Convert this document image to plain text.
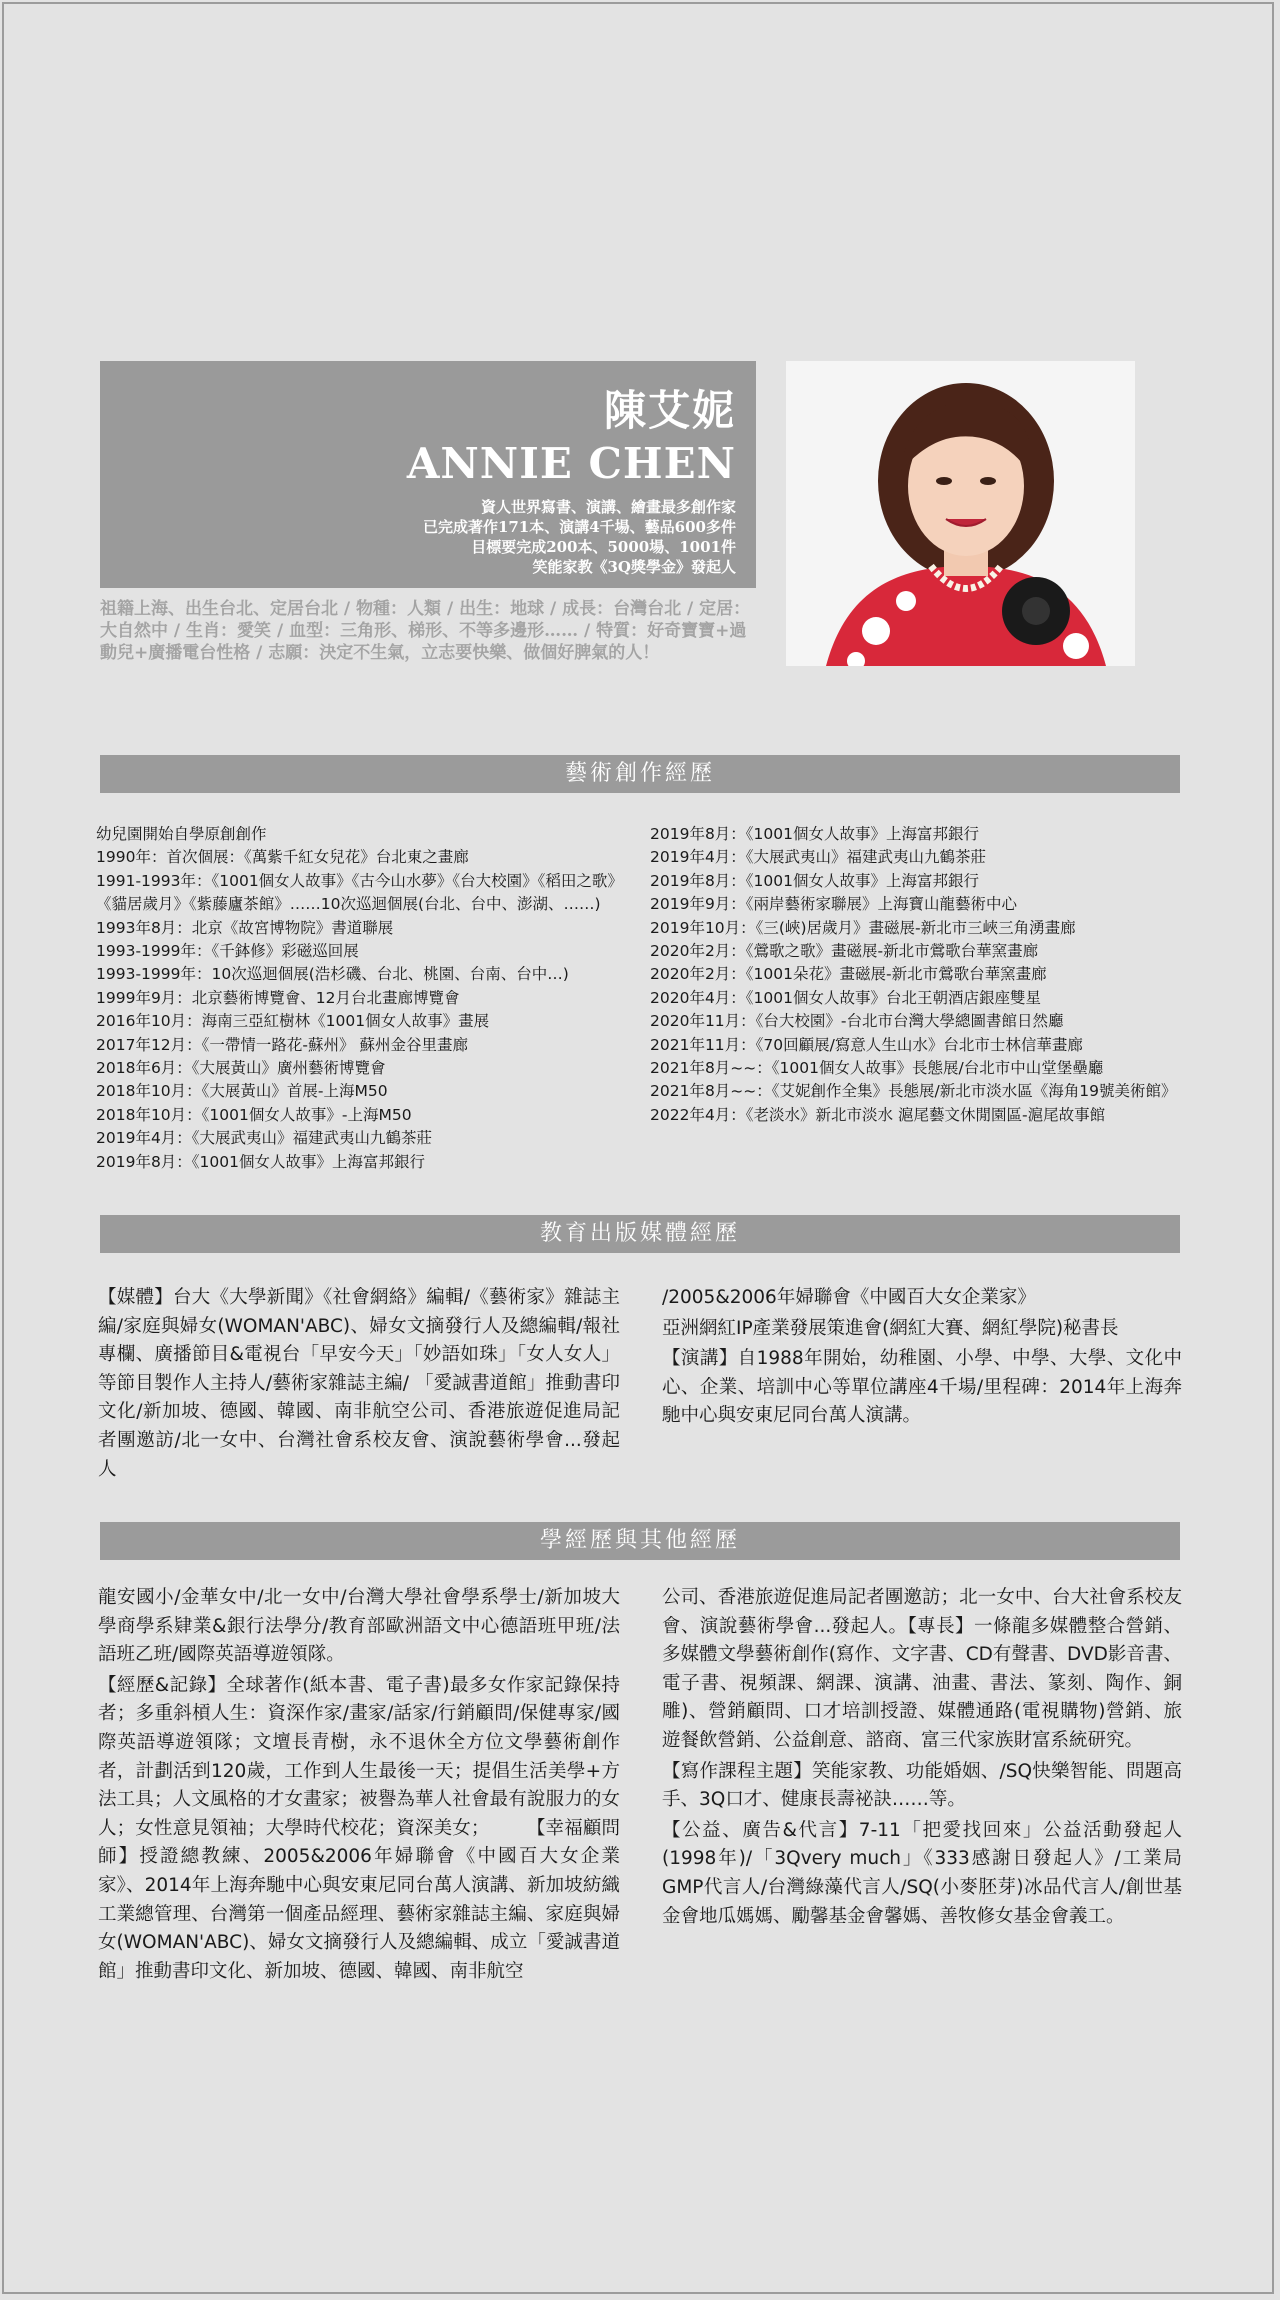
陳艾妮
ANNIE CHEN
資人世界寫書、演講、繪畫最多創作家
已完成著作171本、演講4千場、藝品600多件
目標要完成200本、5000場、1001件
笑能家教《3Q獎學金》發起人
祖籍上海、出生台北、定居台北 / 物種：人類 / 出生：地球 / 成長：台灣台北 / 定居：大自然中 / 生肖：愛笑 / 血型：三角形、梯形、不等多邊形…… / 特質：好奇寶寶+過動兒+廣播電台性格 / 志願：決定不生氣，立志要快樂、做個好脾氣的人！
藝術創作經歷
幼兒園開始自學原創創作
1990年：首次個展：《萬紫千紅女兒花》台北東之畫廊
1991-1993年：《1001個女人故事》《古今山水夢》《台大校園》《稻田之歌》《貓居歲月》《紫藤廬茶館》……10次巡迴個展(台北、台中、澎湖、……)
1993年8月：北京《故宮博物院》書道聯展
1993-1999年：《千鉢修》彩磁巡回展
1993-1999年：10次巡迴個展(浩杉磯、台北、桃園、台南、台中…)
1999年9月：北京藝術博覽會、12月台北畫廊博覽會
2016年10月：海南三亞紅樹林《1001個女人故事》畫展
2017年12月：《一帶情一路花-蘇州》 蘇州金谷里畫廊
2018年6月：《大展黃山》廣州藝術博覽會
2018年10月：《大展黃山》首展-上海M50
2018年10月：《1001個女人故事》-上海M50
2019年4月：《大展武夷山》福建武夷山九鶴茶莊
2019年8月：《1001個女人故事》上海富邦銀行
2019年8月：《1001個女人故事》上海富邦銀行
2019年4月：《大展武夷山》福建武夷山九鶴茶莊
2019年8月：《1001個女人故事》上海富邦銀行
2019年9月：《兩岸藝術家聯展》上海寶山龍藝術中心
2019年10月：《三(峽)居歲月》畫磁展-新北市三峽三角湧畫廊
2020年2月：《鶯歌之歌》畫磁展-新北市鶯歌台華窯畫廊
2020年2月：《1001朵花》畫磁展-新北市鶯歌台華窯畫廊
2020年4月：《1001個女人故事》台北王朝酒店銀座雙星
2020年11月：《台大校園》-台北市台灣大學總圖書館日然廳
2021年11月：《70回顧展/寫意人生山水》台北市士林信華畫廊
2021年8月~~：《1001個女人故事》長態展/台北市中山堂堡壘廳
2021年8月~~：《艾妮創作全集》長態展/新北市淡水區《海角19號美術館》
2022年4月：《老淡水》新北市淡水 滬尾藝文休閒園區-滬尾故事館
教育出版媒體經歷

【媒體】台大《大學新聞》《社會網絡》編輯/《藝術家》雜誌主編/家庭與婦女(WOMAN'ABC)、婦女文摘發行人及總編輯/報社專欄、廣播節目&電視台「早安今天」「妙語如珠」「女人女人」等節目製作人主持人/藝術家雜誌主編/ 「愛誠書道館」推動書印文化/新加坡、德國、韓國、南非航空公司、香港旅遊促進局記者團邀訪/北一女中、台灣社會系校友會、演說藝術學會...發起人

/2005&2006年婦聯會《中國百大女企業家》

亞洲網紅IP產業發展策進會(網紅大賽、網紅學院)秘書長

【演講】自1988年開始，幼稚園、小學、中學、大學、文化中心、企業、培訓中心等單位講座4千場/里程碑：2014年上海奔馳中心與安東尼同台萬人演講。

學經歷與其他經歷

龍安國小/金華女中/北一女中/台灣大學社會學系學士/新加坡大學商學系肄業&銀行法學分/教育部歐洲語文中心德語班甲班/法語班乙班/國際英語導遊領隊。

【經歷&記錄】全球著作(紙本書、電子書)最多女作家記錄保持者；多重斜槓人生：資深作家/畫家/話家/行銷顧問/保健專家/國際英語導遊領隊；文壇長青樹，永不退休全方位文學藝術創作者，計劃活到120歲，工作到人生最後一天；提倡生活美學+方法工具；人文風格的才女畫家；被譽為華人社會最有說服力的女人；女性意見領袖；大學時代校花；資深美女；　　　【幸福顧問師】授證總教練、2005&2006年婦聯會《中國百大女企業家》、2014年上海奔馳中心與安東尼同台萬人演講、新加坡紡織工業總管理、台灣第一個產品經理、藝術家雜誌主編、家庭與婦女(WOMAN'ABC)、婦女文摘發行人及總編輯、成立「愛誠書道館」推動書印文化、新加坡、德國、韓國、南非航空

公司、香港旅遊促進局記者團邀訪；北一女中、台大社會系校友會、演說藝術學會...發起人。【專長】一條龍多媒體整合營銷、多媒體文學藝術創作(寫作、文字書、CD有聲書、DVD影音書、電子書、視頻課、網課、演講、油畫、書法、篆刻、陶作、銅雕)、營銷顧問、口才培訓授證、媒體通路(電視購物)營銷、旅遊餐飲營銷、公益創意、諮商、富三代家族財富系統研究。

【寫作課程主題】笑能家教、功能婚姻、/SQ快樂智能、問題高手、3Q口才、健康長壽祕訣……等。

【公益、廣告&代言】7-11「把愛找回來」公益活動發起人(1998年)/「3Qvery much」《333感謝日發起人》/工業局GMP代言人/台灣綠藻代言人/SQ(小麥胚芽)冰品代言人/創世基金會地瓜媽媽、勵馨基金會馨媽、善牧修女基金會義工。
